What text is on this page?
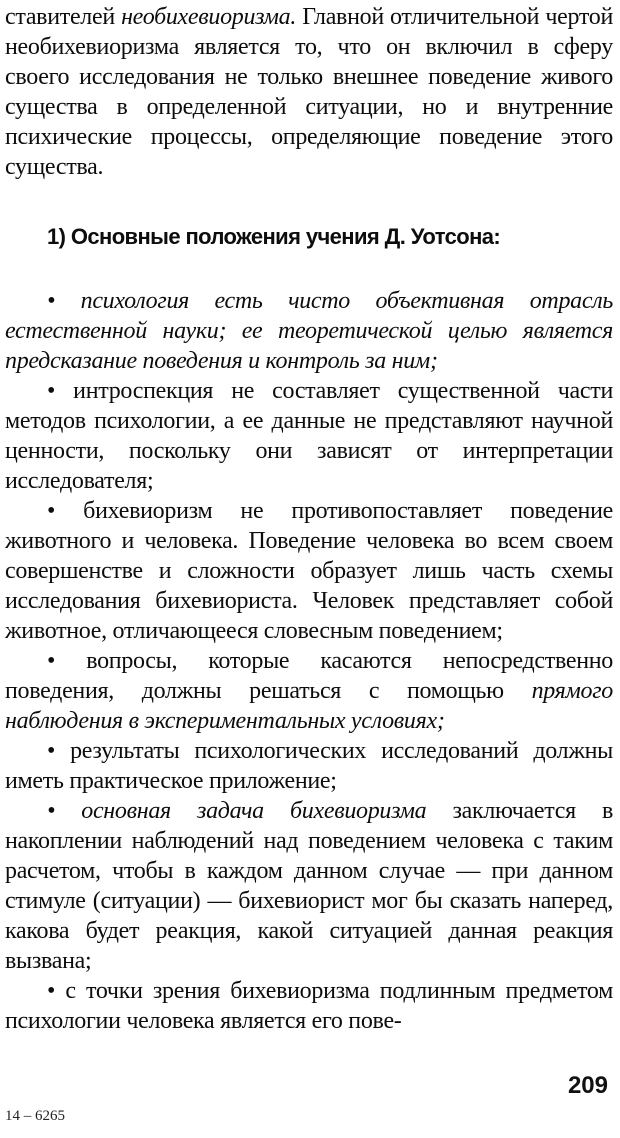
ставителей необихевиоризма. Главной отличительной чертой необихевиоризма является то, что он включил в сферу своего исследования не только внешнее поведение живого существа в определенной ситуации, но и внутренние психические процессы, определяющие поведение этого существа.

1) Основные положения учения Д. Уотсона:

• психология есть чисто объективная отрасль естественной науки; ее теоретической целью является предсказание поведения и контроль за ним;

• интроспекция не составляет существенной части методов психологии, а ее данные не представляют научной ценности, поскольку они зависят от интерпретации исследователя;

• бихевиоризм не противопоставляет поведение животного и человека. Поведение человека во всем своем совершенстве и сложности образует лишь часть схемы исследования бихевиориста. Человек представляет собой животное, отличающееся словесным поведением;

• вопросы, которые касаются непосредственно поведения, должны решаться с помощью прямого наблюдения в экспериментальных условиях;

• результаты психологических исследований должны иметь практическое приложение;

• основная задача бихевиоризма заключается в накоплении наблюдений над поведением человека с таким расчетом, чтобы в каждом данном случае — при данном стимуле (ситуации) — бихевиорист мог бы сказать наперед, какова будет реакция, какой ситуацией данная реакция вызвана;

• с точки зрения бихевиоризма подлинным предметом психологии человека является его пове-

209
14 – 6265
